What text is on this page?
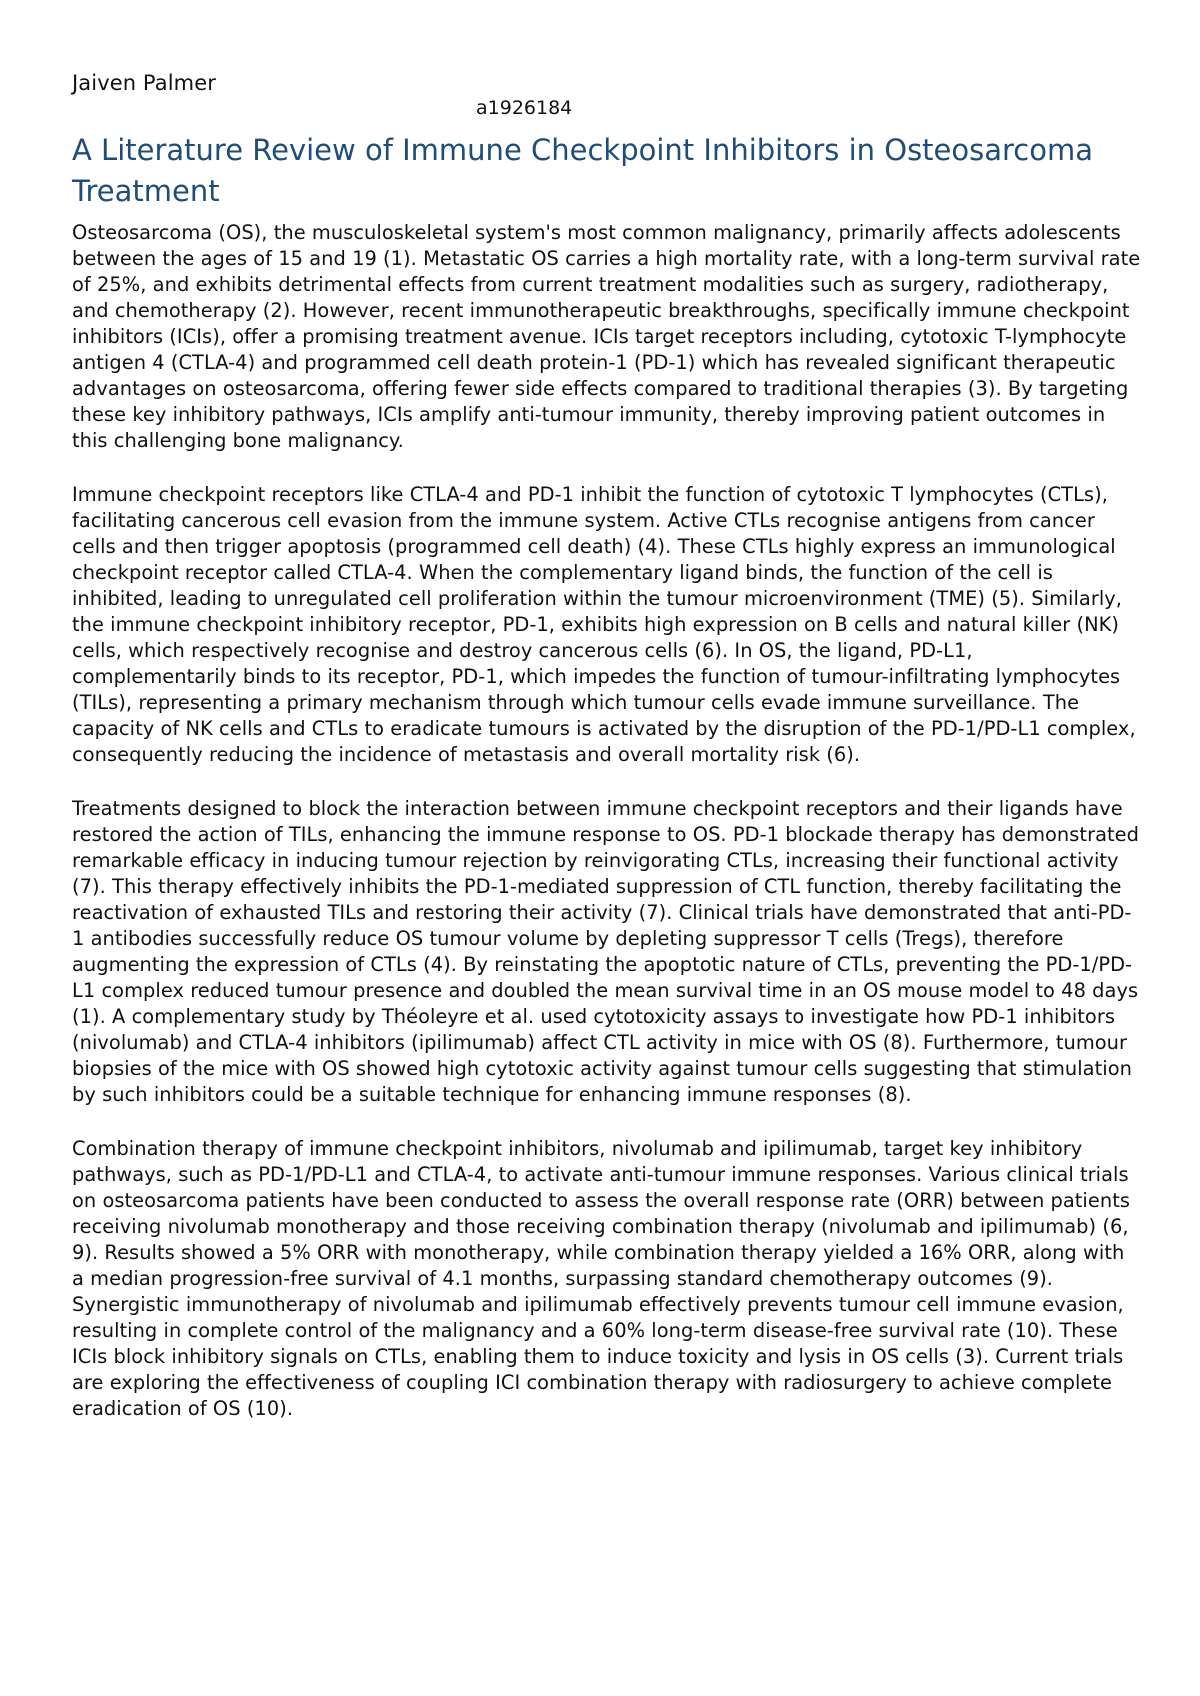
Jaiven Palmer

a1926184

A Literature Review of Immune Checkpoint Inhibitors in Osteosarcoma Treatment

Osteosarcoma (OS), the musculoskeletal system's most common malignancy, primarily affects adolescents between the ages of 15 and 19 (1). Metastatic OS carries a high mortality rate, with a long-term survival rate of 25%, and exhibits detrimental effects from current treatment modalities such as surgery, radiotherapy, and chemotherapy (2). However, recent immunotherapeutic breakthroughs, specifically immune checkpoint inhibitors (ICIs), offer a promising treatment avenue. ICIs target receptors including, cytotoxic T-lymphocyte antigen 4 (CTLA-4) and programmed cell death protein-1 (PD-1) which has revealed significant therapeutic advantages on osteosarcoma, offering fewer side effects compared to traditional therapies (3). By targeting these key inhibitory pathways, ICIs amplify anti-tumour immunity, thereby improving patient outcomes in this challenging bone malignancy.

Immune checkpoint receptors like CTLA-4 and PD-1 inhibit the function of cytotoxic T lymphocytes (CTLs), facilitating cancerous cell evasion from the immune system. Active CTLs recognise antigens from cancer cells and then trigger apoptosis (programmed cell death) (4). These CTLs highly express an immunological checkpoint receptor called CTLA-4. When the complementary ligand binds, the function of the cell is inhibited, leading to unregulated cell proliferation within the tumour microenvironment (TME) (5). Similarly, the immune checkpoint inhibitory receptor, PD-1, exhibits high expression on B cells and natural killer (NK) cells, which respectively recognise and destroy cancerous cells (6). In OS, the ligand, PD-L1, complementarily binds to its receptor, PD-1, which impedes the function of tumour-infiltrating lymphocytes (TILs), representing a primary mechanism through which tumour cells evade immune surveillance. The capacity of NK cells and CTLs to eradicate tumours is activated by the disruption of the PD-1/PD-L1 complex, consequently reducing the incidence of metastasis and overall mortality risk (6).

Treatments designed to block the interaction between immune checkpoint receptors and their ligands have restored the action of TILs, enhancing the immune response to OS. PD-1 blockade therapy has demonstrated remarkable efficacy in inducing tumour rejection by reinvigorating CTLs, increasing their functional activity (7). This therapy effectively inhibits the PD-1-mediated suppression of CTL function, thereby facilitating the reactivation of exhausted TILs and restoring their activity (7). Clinical trials have demonstrated that anti-PD-1 antibodies successfully reduce OS tumour volume by depleting suppressor T cells (Tregs), therefore augmenting the expression of CTLs (4). By reinstating the apoptotic nature of CTLs, preventing the PD-1/PD-L1 complex reduced tumour presence and doubled the mean survival time in an OS mouse model to 48 days (1). A complementary study by Théoleyre et al. used cytotoxicity assays to investigate how PD-1 inhibitors (nivolumab) and CTLA-4 inhibitors (ipilimumab) affect CTL activity in mice with OS (8). Furthermore, tumour biopsies of the mice with OS showed high cytotoxic activity against tumour cells suggesting that stimulation by such inhibitors could be a suitable technique for enhancing immune responses (8).

Combination therapy of immune checkpoint inhibitors, nivolumab and ipilimumab, target key inhibitory pathways, such as PD-1/PD-L1 and CTLA-4, to activate anti-tumour immune responses. Various clinical trials on osteosarcoma patients have been conducted to assess the overall response rate (ORR) between patients receiving nivolumab monotherapy and those receiving combination therapy (nivolumab and ipilimumab) (6, 9). Results showed a 5% ORR with monotherapy, while combination therapy yielded a 16% ORR, along with a median progression-free survival of 4.1 months, surpassing standard chemotherapy outcomes (9). Synergistic immunotherapy of nivolumab and ipilimumab effectively prevents tumour cell immune evasion, resulting in complete control of the malignancy and a 60% long-term disease-free survival rate (10). These ICIs block inhibitory signals on CTLs, enabling them to induce toxicity and lysis in OS cells (3). Current trials are exploring the effectiveness of coupling ICI combination therapy with radiosurgery to achieve complete eradication of OS (10).
